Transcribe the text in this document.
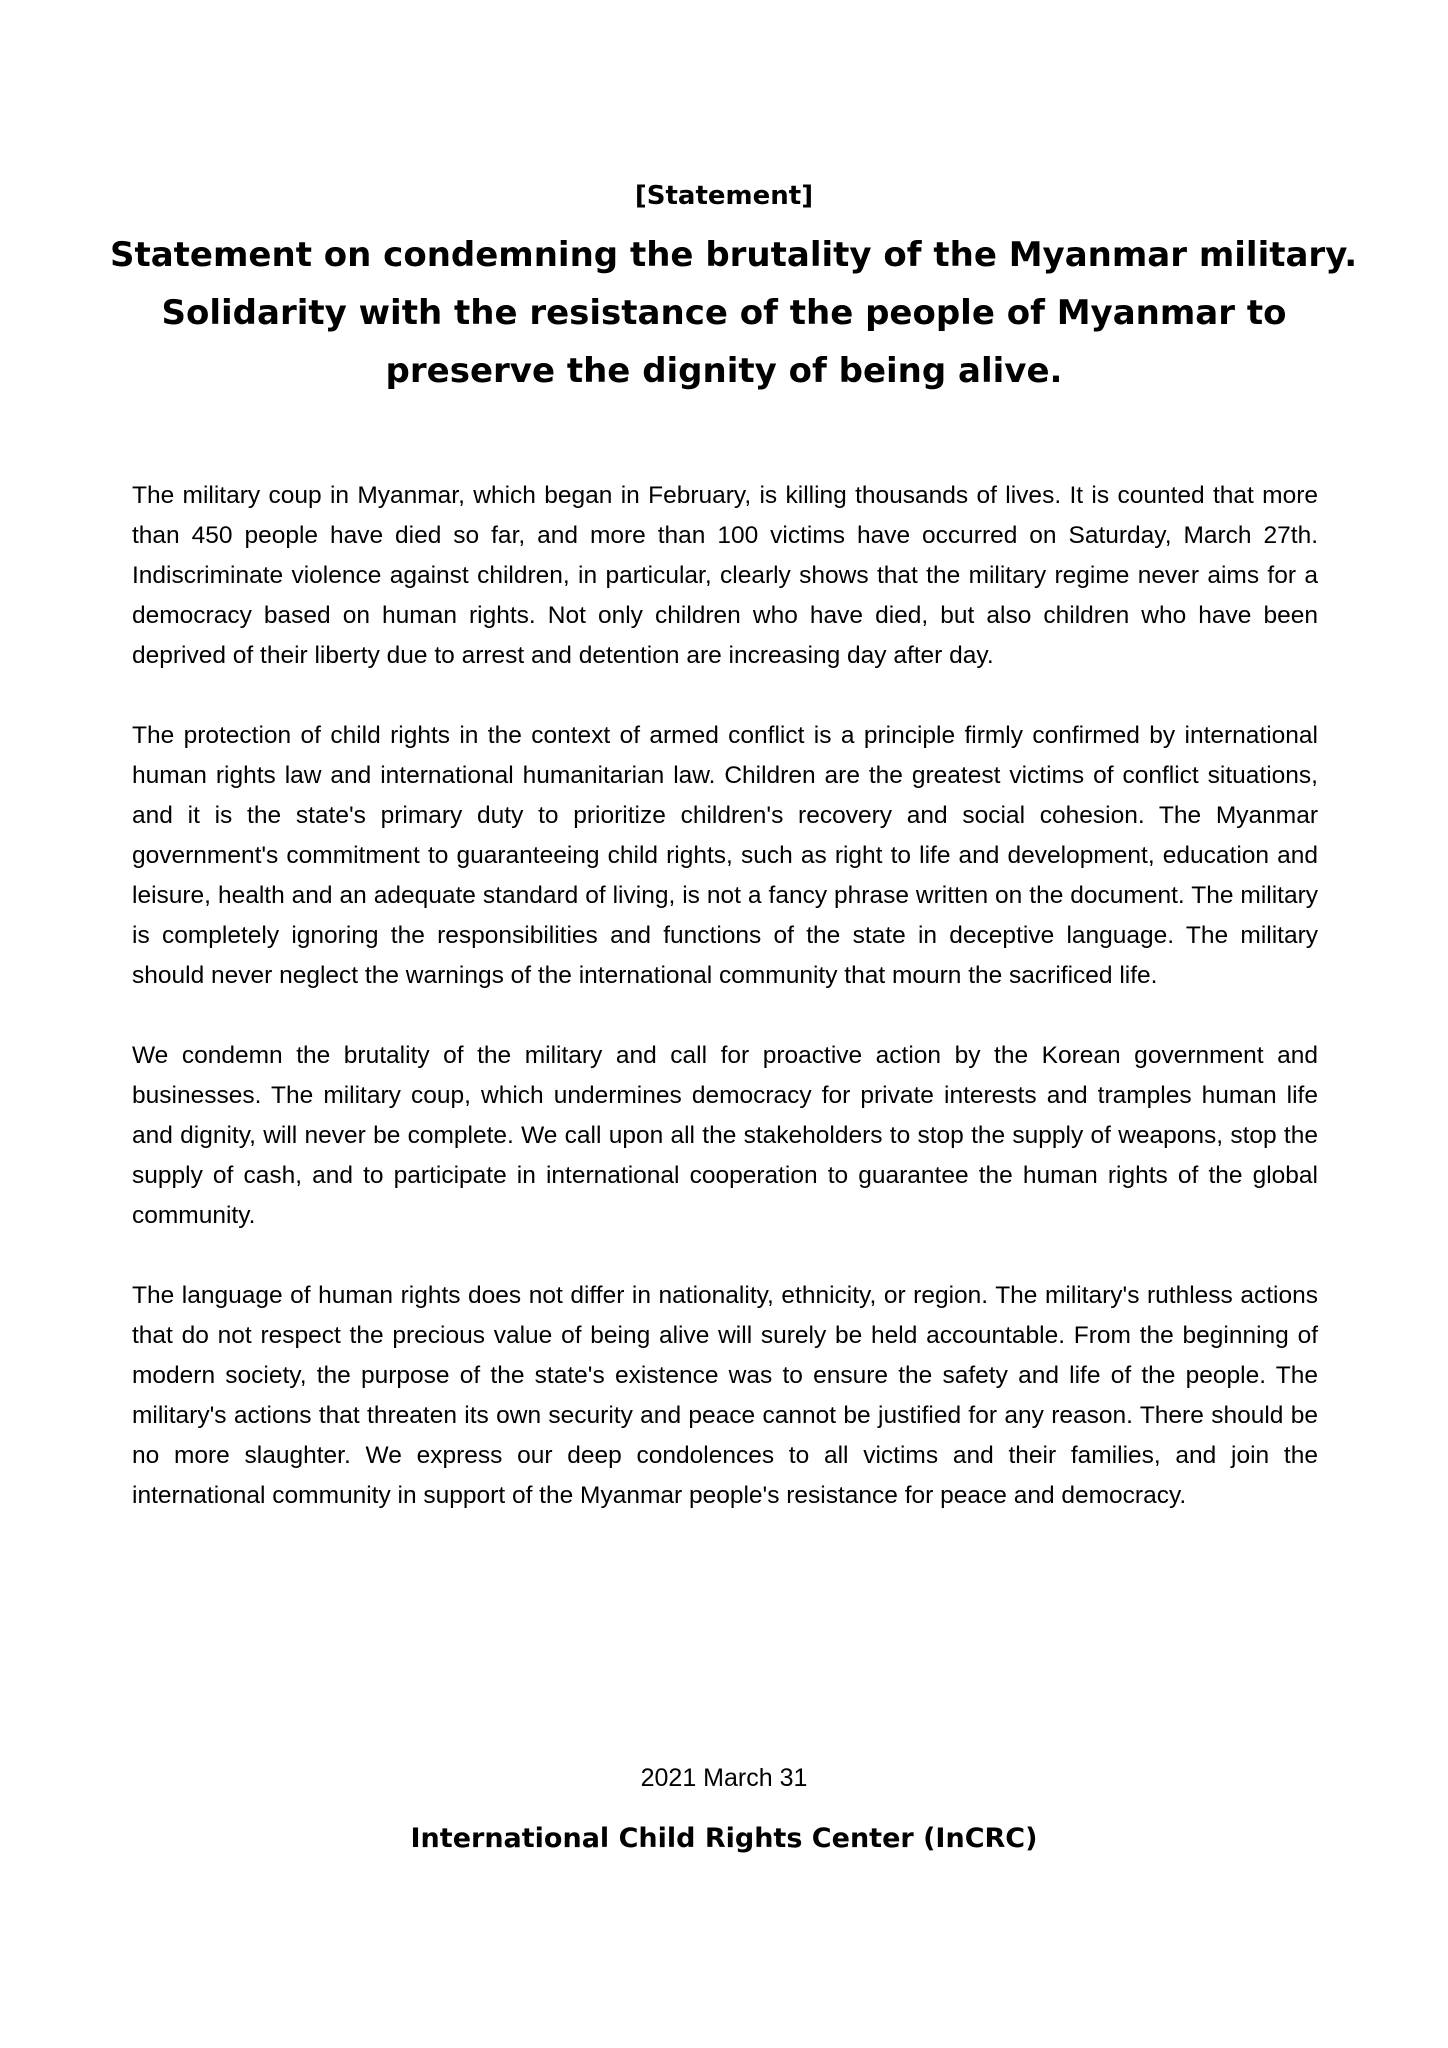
[Statement]
Statement on condemning the brutality of the Myanmar military.
Solidarity with the resistance of the people of Myanmar to
preserve the dignity of being alive.

The military coup in Myanmar, which began in February, is killing thousands of lives. It is counted that more than 450 people have died so far, and more than 100 victims have occurred on Saturday, March 27th. Indiscriminate violence against children, in particular, clearly shows that the military regime never aims for a democracy based on human rights. Not only children who have died, but also children who have been deprived of their liberty due to arrest and detention are increasing day after day.

The protection of child rights in the context of armed conflict is a principle firmly confirmed by international human rights law and international humanitarian law. Children are the greatest victims of conflict situations, and it is the state's primary duty to prioritize children's recovery and social cohesion. The Myanmar government's commitment to guaranteeing child rights, such as right to life and development, education and leisure, health and an adequate standard of living, is not a fancy phrase written on the document. The military is completely ignoring the responsibilities and functions of the state in deceptive language. The military should never neglect the warnings of the international community that mourn the sacrificed life.

We condemn the brutality of the military and call for proactive action by the Korean government and businesses. The military coup, which undermines democracy for private interests and tramples human life and dignity, will never be complete. We call upon all the stakeholders to stop the supply of weapons, stop the supply of cash, and to participate in international cooperation to guarantee the human rights of the global community.

The language of human rights does not differ in nationality, ethnicity, or region. The military's ruthless actions that do not respect the precious value of being alive will surely be held accountable. From the beginning of modern society, the purpose of the state's existence was to ensure the safety and life of the people. The military's actions that threaten its own security and peace cannot be justified for any reason. There should be no more slaughter. We express our deep condolences to all victims and their families, and join the international community in support of the Myanmar people's resistance for peace and democracy.

2021 March 31
International Child Rights Center (InCRC)
